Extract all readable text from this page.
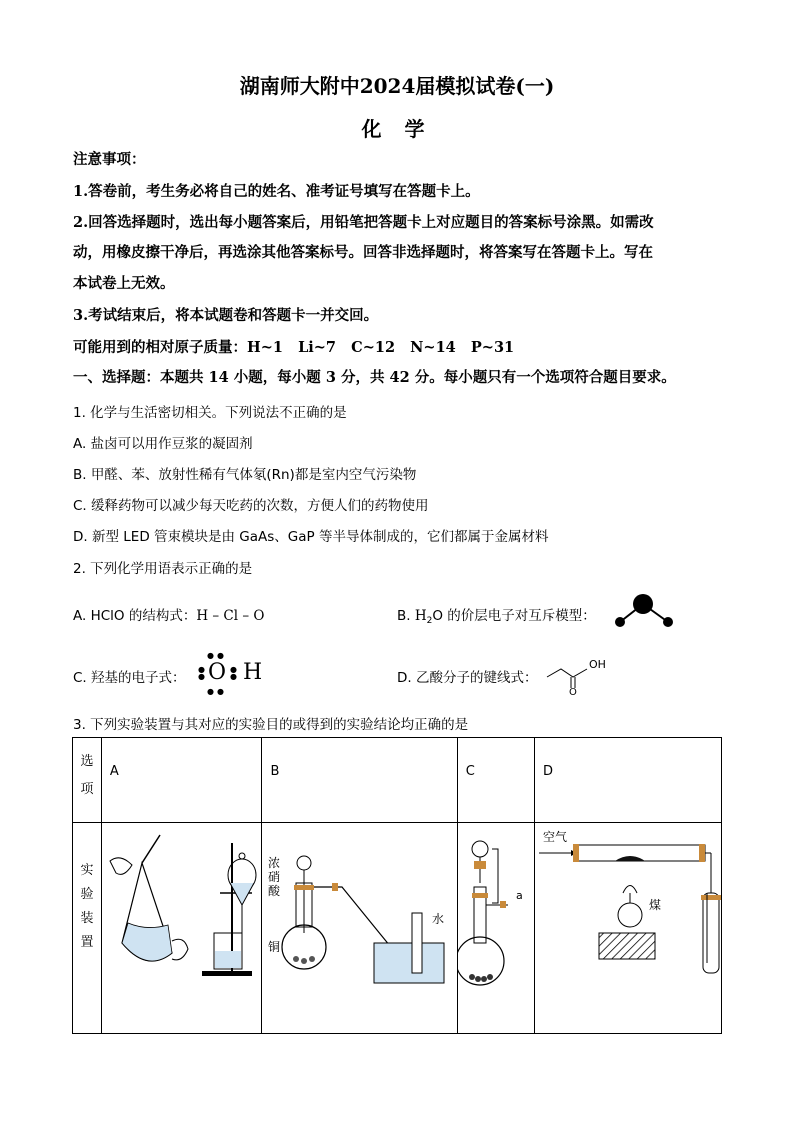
湖南师大附中2024届模拟试卷(一)
化 学
注意事项：
1.答卷前，考生务必将自己的姓名、准考证号填写在答题卡上。
2.回答选择题时，选出每小题答案后，用铅笔把答题卡上对应题目的答案标号涂黑。如需改
动，用橡皮擦干净后，再选涂其他答案标号。回答非选择题时，将答案写在答题卡上。写在
本试卷上无效。
3.考试结束后，将本试题卷和答题卡一并交回。
可能用到的相对原子质量：H~1   Li~7   C~12   N~14   P~31
一、选择题：本题共 14 小题，每小题 3 分，共 42 分。每小题只有一个选项符合题目要求。
1. 化学与生活密切相关。下列说法不正确的是
A. 盐卤可以用作豆浆的凝固剂
B. 甲醛、苯、放射性稀有气体氡(Rn)都是室内空气污染物
C. 缓释药物可以减少每天吃药的次数，方便人们的药物使用
D. 新型 LED 管束模块是由 GaAs、GaP 等半导体制成的，它们都属于金属材料
2. 下列化学用语表示正确的是
A. HClO 的结构式：H – Cl – O	B. $H_2O$ 的价层电子对互斥模型：
C. 羟基的电子式：
●●
●●
●
● O ●
● H	D. 乙酸分子的键线式：
OH
O
3. 下列实验装置与其对应的实验目的或得到的实验结论均正确的是
选
项	A	B	C	D

实
验
装
置		浓
硝
酸
铜
水	a	空气
煤
